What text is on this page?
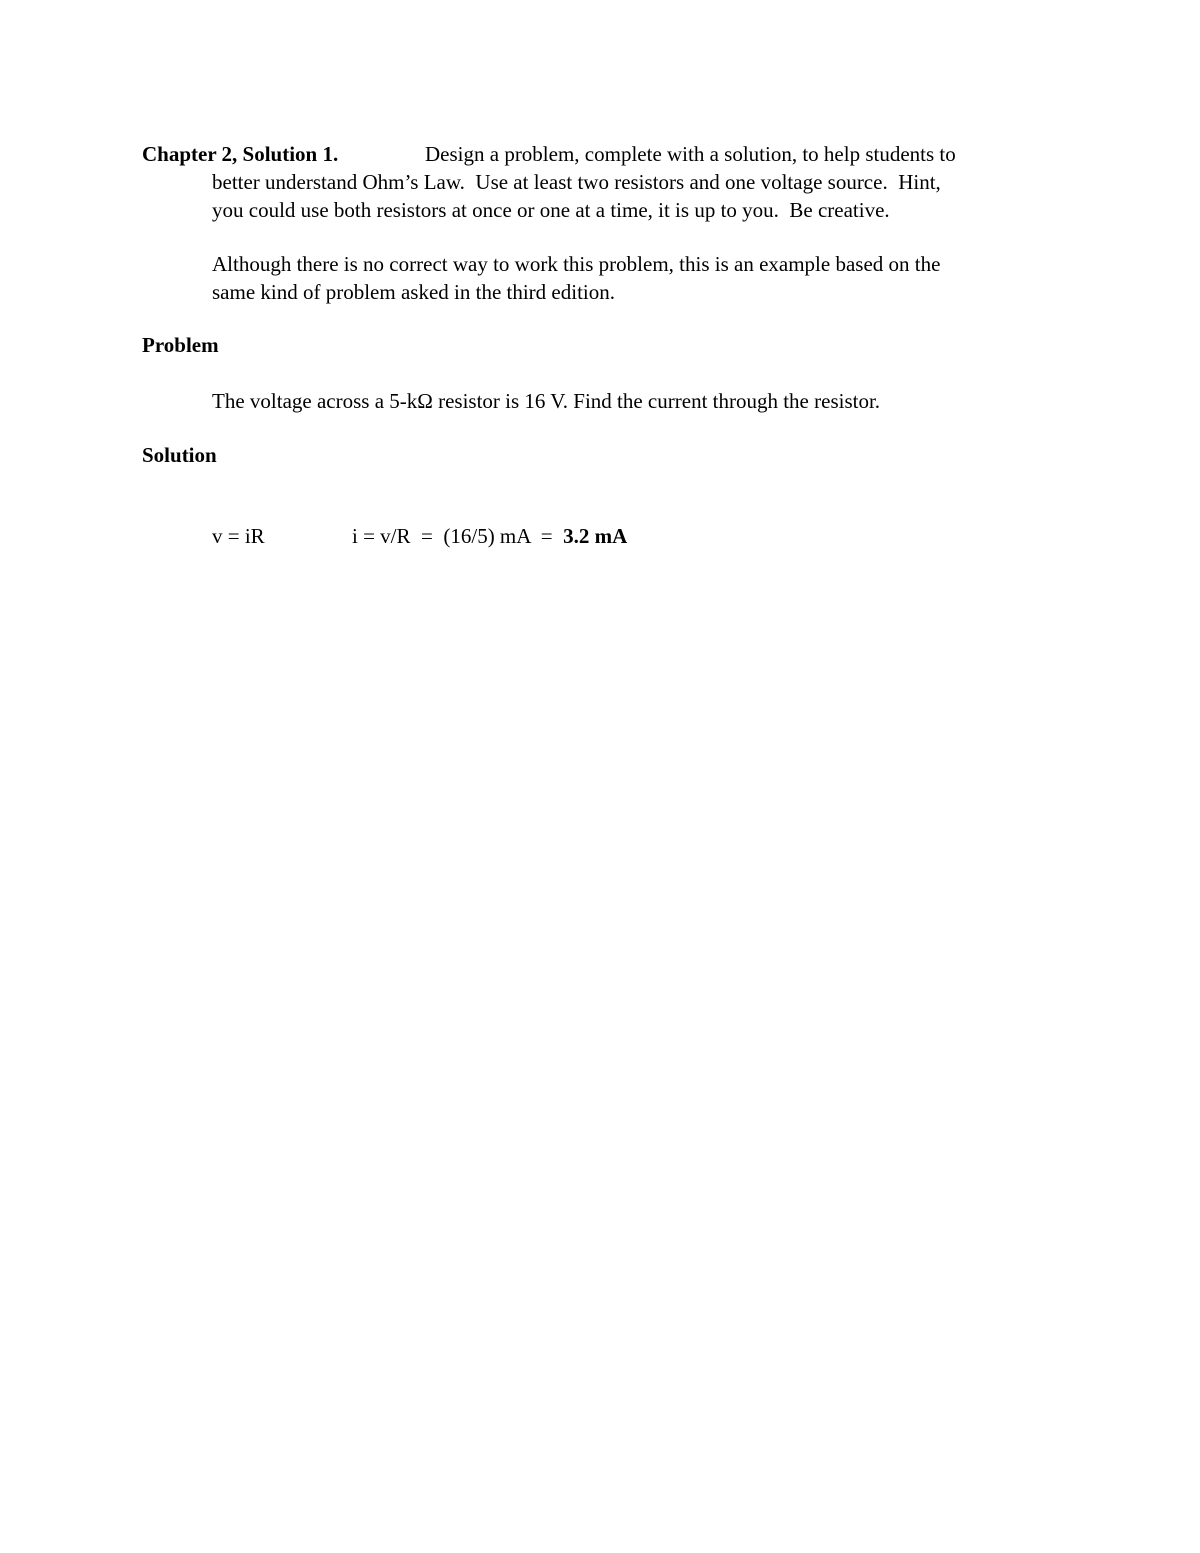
Chapter 2, Solution 1.	Design a problem, complete with a solution, to help students to
better understand Ohm’s Law.  Use at least two resistors and one voltage source.  Hint,
you could use both resistors at once or one at a time, it is up to you.  Be creative.
Although there is no correct way to work this problem, this is an example based on the
same kind of problem asked in the third edition.
Problem
The voltage across a 5-kΩ resistor is 16 V. Find the current through the resistor.
Solution
v = iR	i = v/R  =  (16/5) mA  =  3.2 mA
